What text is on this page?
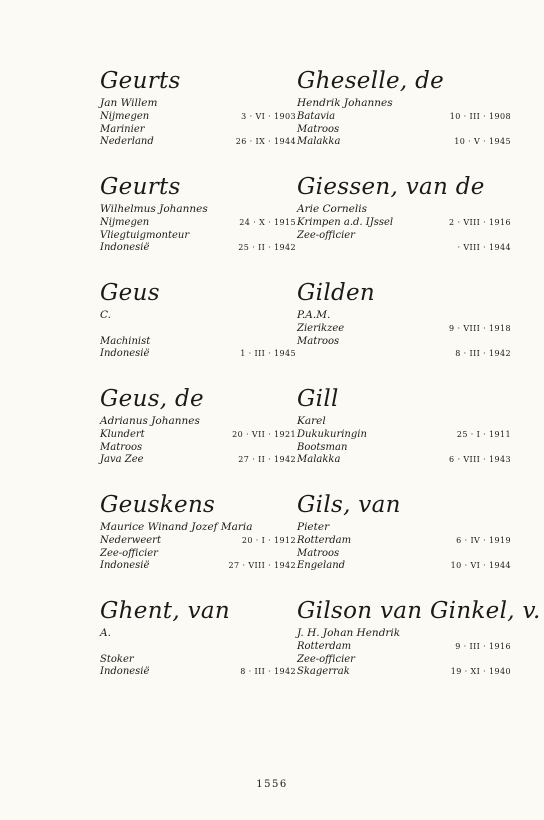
Geurts
Jan Willem
Nijmegen	3 · VI · 1903
Marinier
Nederland	26 · IX · 1944
Geurts
Wilhelmus Johannes
Nijmegen	24 · X · 1915
Vliegtuigmonteur
Indonesië	25 · II · 1942
Geus
C.
Machinist
Indonesië	1 · III · 1945
Geus, de
Adrianus Johannes
Klundert	20 · VII · 1921
Matroos
Java Zee	27 · II · 1942
Geuskens
Maurice Winand Jozef Maria
Nederweert	20 · I · 1912
Zee-officier
Indonesië	27 · VIII · 1942
Ghent, van
A.
Stoker
Indonesië	8 · III · 1942
Gheselle, de
Hendrik Johannes
Batavia	10 · III · 1908
Matroos
Malakka	10 · V · 1945
Giessen, van de
Arie Cornelis
Krimpen a.d. IJssel	2 · VIII · 1916
Zee-officier
· VIII · 1944
Gilden
P.A.M.
Zierikzee	9 · VIII · 1918
Matroos
8 · III · 1942
Gill
Karel
Dukukuringin	25 · I · 1911
Bootsman
Malakka	6 · VIII · 1943
Gils, van
Pieter
Rotterdam	6 · IV · 1919
Matroos
Engeland	10 · VI · 1944
Gilson van Ginkel, v.
J. H. Johan Hendrik
Rotterdam	9 · III · 1916
Zee-officier
Skagerrak	19 · XI · 1940
1556
